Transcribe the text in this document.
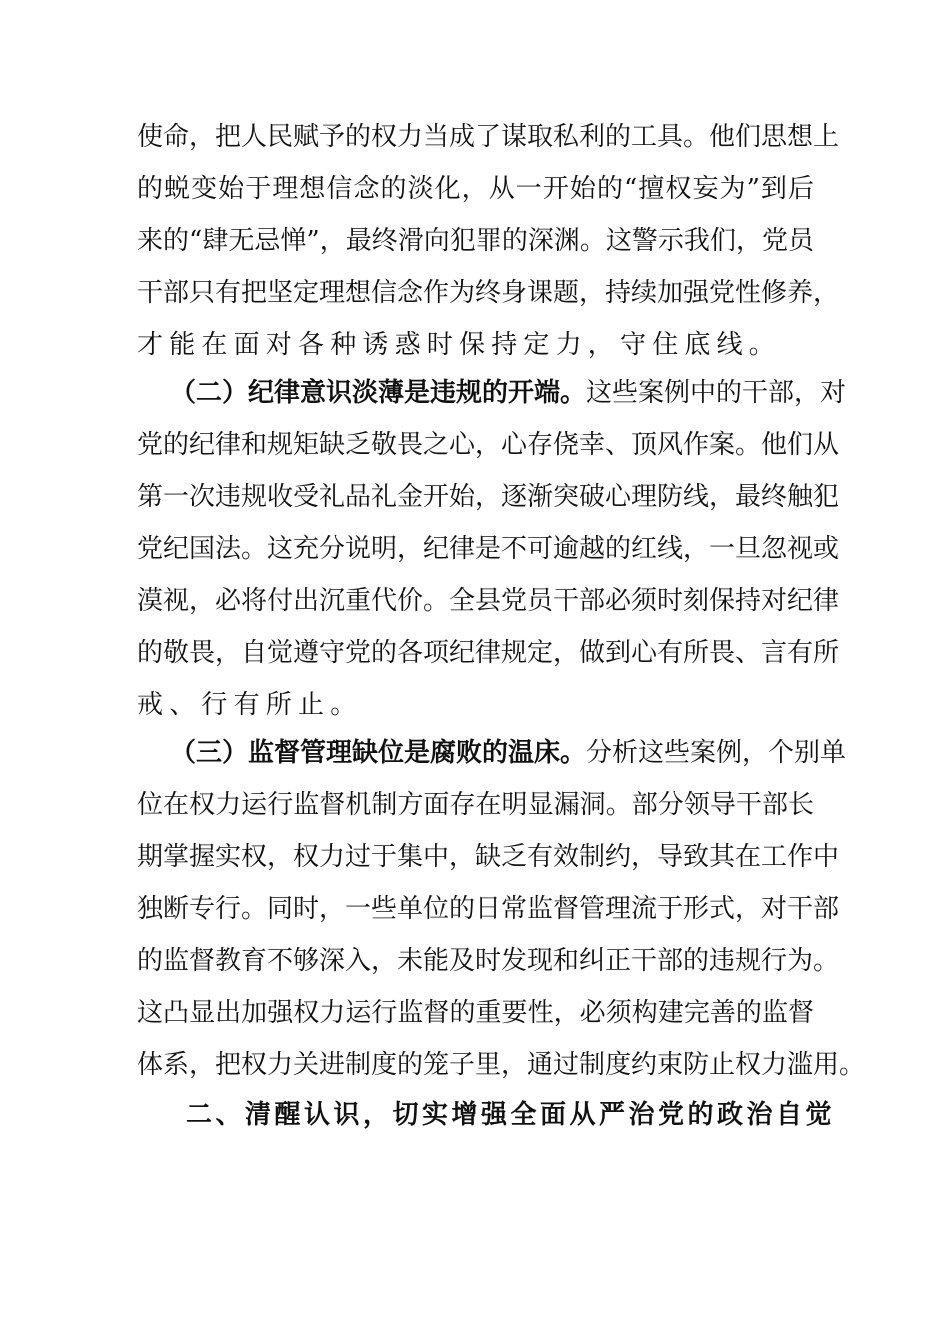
使命，把人民赋予的权力当成了谋取私利的工具。他们思想上
的蜕变始于理想信念的淡化，从一开始的“擅权妄为”到后
来的“肆无忌惮”，最终滑向犯罪的深渊。这警示我们，党员
干部只有把坚定理想信念作为终身课题，持续加强党性修养，
才能在面对各种诱惑时保持定力，守住底线。
（二）纪律意识淡薄是违规的开端。这些案例中的干部，对
党的纪律和规矩缺乏敬畏之心，心存侥幸、顶风作案。他们从
第一次违规收受礼品礼金开始，逐渐突破心理防线，最终触犯
党纪国法。这充分说明，纪律是不可逾越的红线，一旦忽视或
漠视，必将付出沉重代价。全县党员干部必须时刻保持对纪律
的敬畏，自觉遵守党的各项纪律规定，做到心有所畏、言有所
戒、行有所止。
（三）监督管理缺位是腐败的温床。分析这些案例，个别单
位在权力运行监督机制方面存在明显漏洞。部分领导干部长
期掌握实权，权力过于集中，缺乏有效制约，导致其在工作中
独断专行。同时，一些单位的日常监督管理流于形式，对干部
的监督教育不够深入，未能及时发现和纠正干部的违规行为。
这凸显出加强权力运行监督的重要性，必须构建完善的监督
体系，把权力关进制度的笼子里，通过制度约束防止权力滥用。
二、清醒认识，切实增强全面从严治党的政治自觉
